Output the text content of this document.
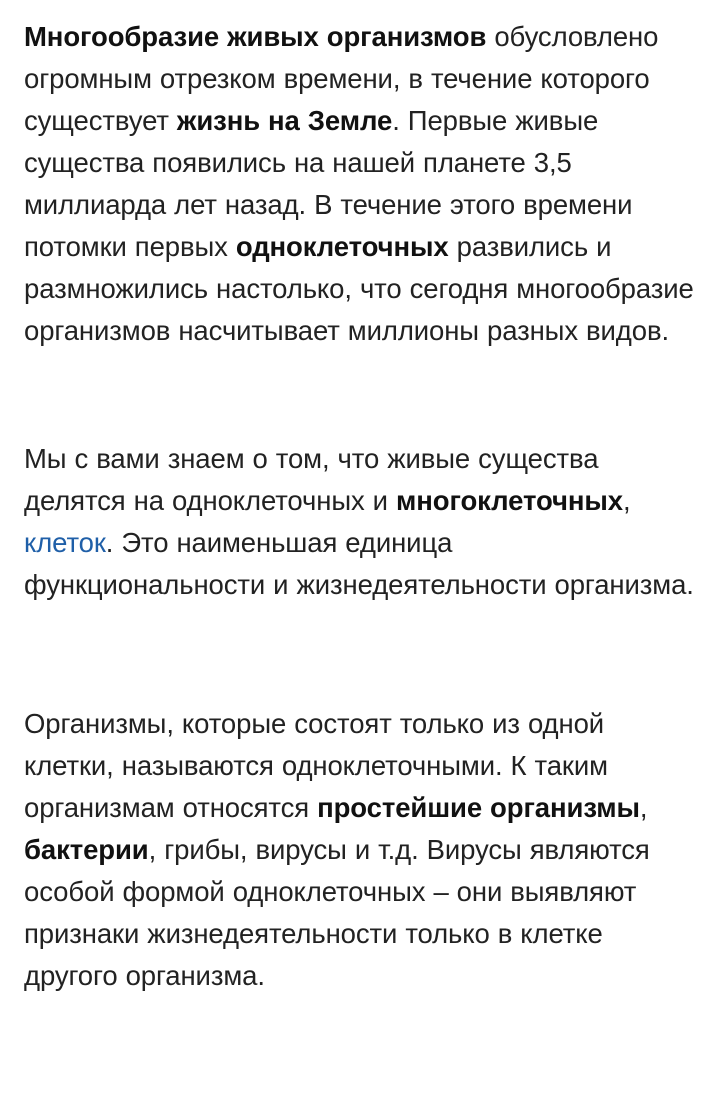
Многообразие живых организмов обусловлено огромным отрезком времени, в течение которого существует жизнь на Земле. Первые живые существа появились на нашей планете 3,5 миллиарда лет назад. В течение этого времени потомки первых одноклеточных развились и размножились настолько, что сегодня многообразие организмов насчитывает миллионы разных видов.

Мы с вами знаем о том, что живые существа делятся на одноклеточных и многоклеточных, клеток. Это наименьшая единица функциональности и жизнедеятельности организма.

Организмы, которые состоят только из одной клетки, называются одноклеточными. К таким организмам относятся простейшие организмы, бактерии, грибы, вирусы и т.д. Вирусы являются особой формой одноклеточных – они выявляют признаки жизнедеятельности только в клетке другого организма.
